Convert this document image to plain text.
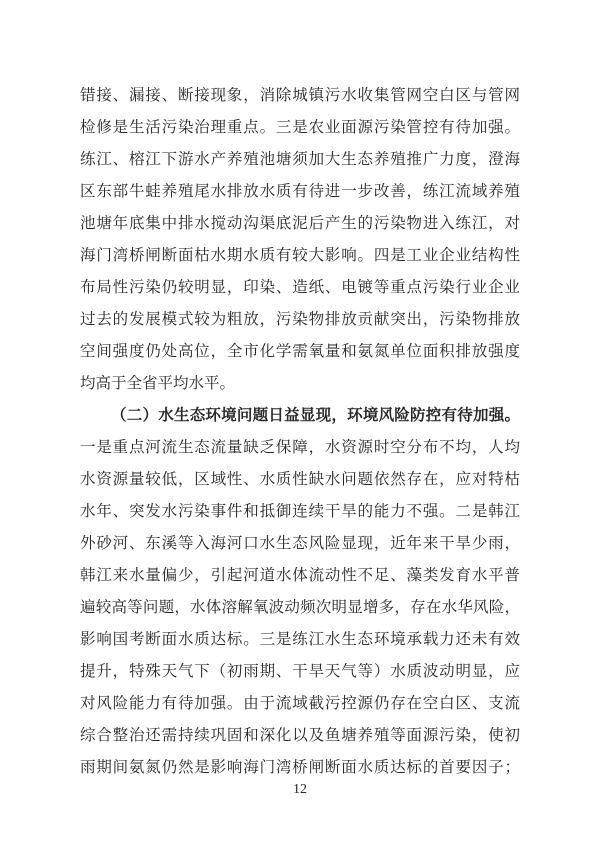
错接、漏接、断接现象，消除城镇污水收集管网空白区与管网
检修是生活污染治理重点。三是农业面源污染管控有待加强。
练江、榕江下游水产养殖池塘须加大生态养殖推广力度，澄海
区东部牛蛙养殖尾水排放水质有待进一步改善，练江流域养殖
池塘年底集中排水搅动沟渠底泥后产生的污染物进入练江，对
海门湾桥闸断面枯水期水质有较大影响。四是工业企业结构性
布局性污染仍较明显，印染、造纸、电镀等重点污染行业企业
过去的发展模式较为粗放，污染物排放贡献突出，污染物排放
空间强度仍处高位，全市化学需氧量和氨氮单位面积排放强度
均高于全省平均水平。
（二）水生态环境问题日益显现，环境风险防控有待加强。
一是重点河流生态流量缺乏保障，水资源时空分布不均，人均
水资源量较低，区域性、水质性缺水问题依然存在，应对特枯
水年、突发水污染事件和抵御连续干旱的能力不强。二是韩江
外砂河、东溪等入海河口水生态风险显现，近年来干旱少雨，
韩江来水量偏少，引起河道水体流动性不足、藻类发育水平普
遍较高等问题，水体溶解氧波动频次明显增多，存在水华风险，
影响国考断面水质达标。三是练江水生态环境承载力还未有效
提升，特殊天气下（初雨期、干旱天气等）水质波动明显，应
对风险能力有待加强。由于流域截污控源仍存在空白区、支流
综合整治还需持续巩固和深化以及鱼塘养殖等面源污染，使初
雨期间氨氮仍然是影响海门湾桥闸断面水质达标的首要因子；
12
